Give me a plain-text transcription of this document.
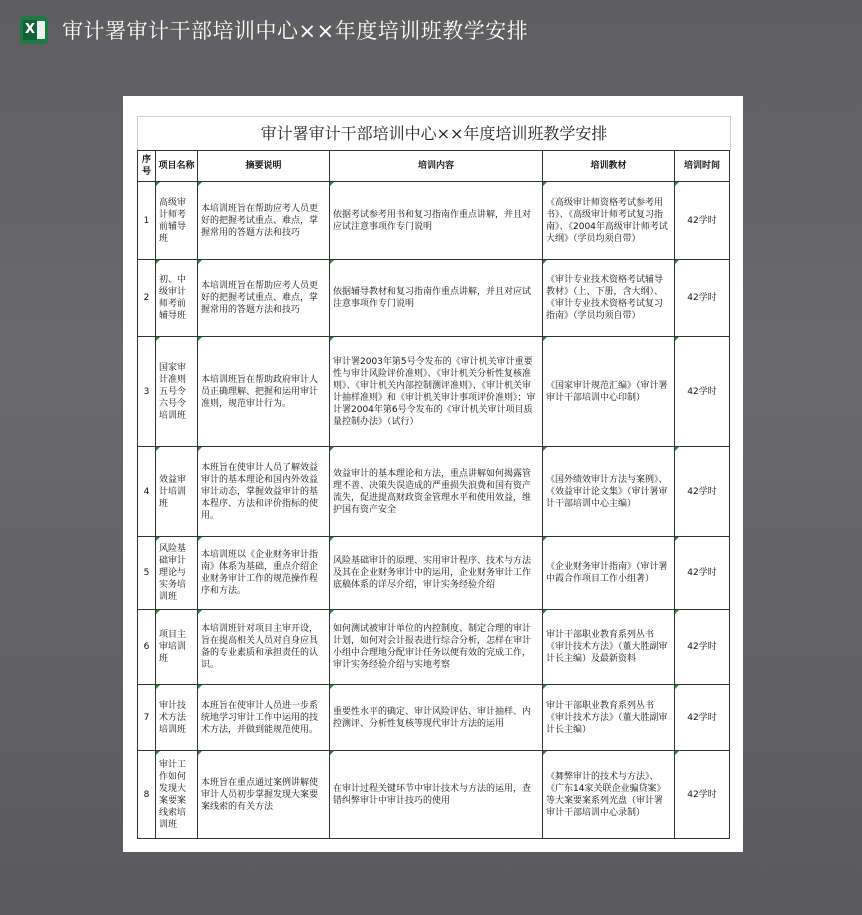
X 审计署审计干部培训中心××年度培训班教学安排
审计署审计干部培训中心××年度培训班教学安排
序号	项目名称	摘要说明	培训内容	培训教材	培训时间
1	高级审计师考前辅导班	本培训班旨在帮助应考人员更好的把握考试重点、难点，掌握常用的答题方法和技巧	依据考试参考用书和复习指南作重点讲解，并且对应试注意事项作专门说明	《高级审计师资格考试参考用书》、《高级审计师考试复习指南》、《2004年高级审计师考试大纲》（学员均须自带）	42学时
2	初、中级审计师考前辅导班	本培训班旨在帮助应考人员更好的把握考试重点、难点，掌握常用的答题方法和技巧	依据辅导教材和复习指南作重点讲解，并且对应试注意事项作专门说明	《审计专业技术资格考试辅导教材》（上、下册，含大纲）、《审计专业技术资格考试复习指南》（学员均须自带）	42学时
3	国家审计准则五号令六号令培训班	本培训班旨在帮助政府审计人员正确理解、把握和运用审计准则，规范审计行为。	审计署2003年第5号令发布的《审计机关审计重要性与审计风险评价准则》、《审计机关分析性复核准则》、《审计机关内部控制测评准则》、《审计机关审计抽样准则》和《审计机关审计事项评价准则》；审计署2004年第6号令发布的《审计机关审计项目质量控制办法》（试行）	《国家审计规范汇编》（审计署审计干部培训中心印制）	42学时
4	效益审计培训班	本班旨在使审计人员了解效益审计的基本理论和国内外效益审计动态，掌握效益审计的基本程序、方法和评价指标的使用。	效益审计的基本理论和方法，重点讲解如何揭露管理不善、决策失误造成的严重损失浪费和国有资产流失，促进提高财政资金管理水平和使用效益，维护国有资产安全	《国外绩效审计方法与案例》、《效益审计论文集》（审计署审计干部培训中心主编）	42学时
5	风险基础审计理论与实务培训班	本培训班以《企业财务审计指南》体系为基础，重点介绍企业财务审计工作的规范操作程序和方法。	风险基础审计的原理、实用审计程序、技术与方法及其在企业财务审计中的运用，企业财务审计工作底稿体系的详尽介绍，审计实务经验介绍	《企业财务审计指南》（审计署中霞合作项目工作小组著）	42学时
6	项目主审培训班	本培训班针对项目主审开设，旨在提高相关人员对自身应具备的专业素质和承担责任的认识。	如何测试被审计单位的内控制度、制定合理的审计计划，如何对会计报表进行综合分析，怎样在审计小组中合理地分配审计任务以便有效的完成工作，审计实务经验介绍与实地考察	审计干部职业教育系列丛书《审计技术方法》（董大胜副审计长主编）及最新资料	42学时
7	审计技术方法培训班	本班旨在使审计人员进一步系统地学习审计工作中运用的技术方法，并做到能规范使用。	重要性水平的确定、审计风险评估、审计抽样、内控测评、分析性复核等现代审计方法的运用	审计干部职业教育系列丛书《审计技术方法》（董大胜副审计长主编）	42学时
8	审计工作如何发现大案要案线索培训班	本班旨在重点通过案例讲解使审计人员初步掌握发现大案要案线索的有关方法	在审计过程关键环节中审计技术与方法的运用，查错纠弊审计中审计技巧的使用	《舞弊审计的技术与方法》、《广东14家关联企业骗贷案》等大案要案系列光盘（审计署审计干部培训中心录制）	42学时
